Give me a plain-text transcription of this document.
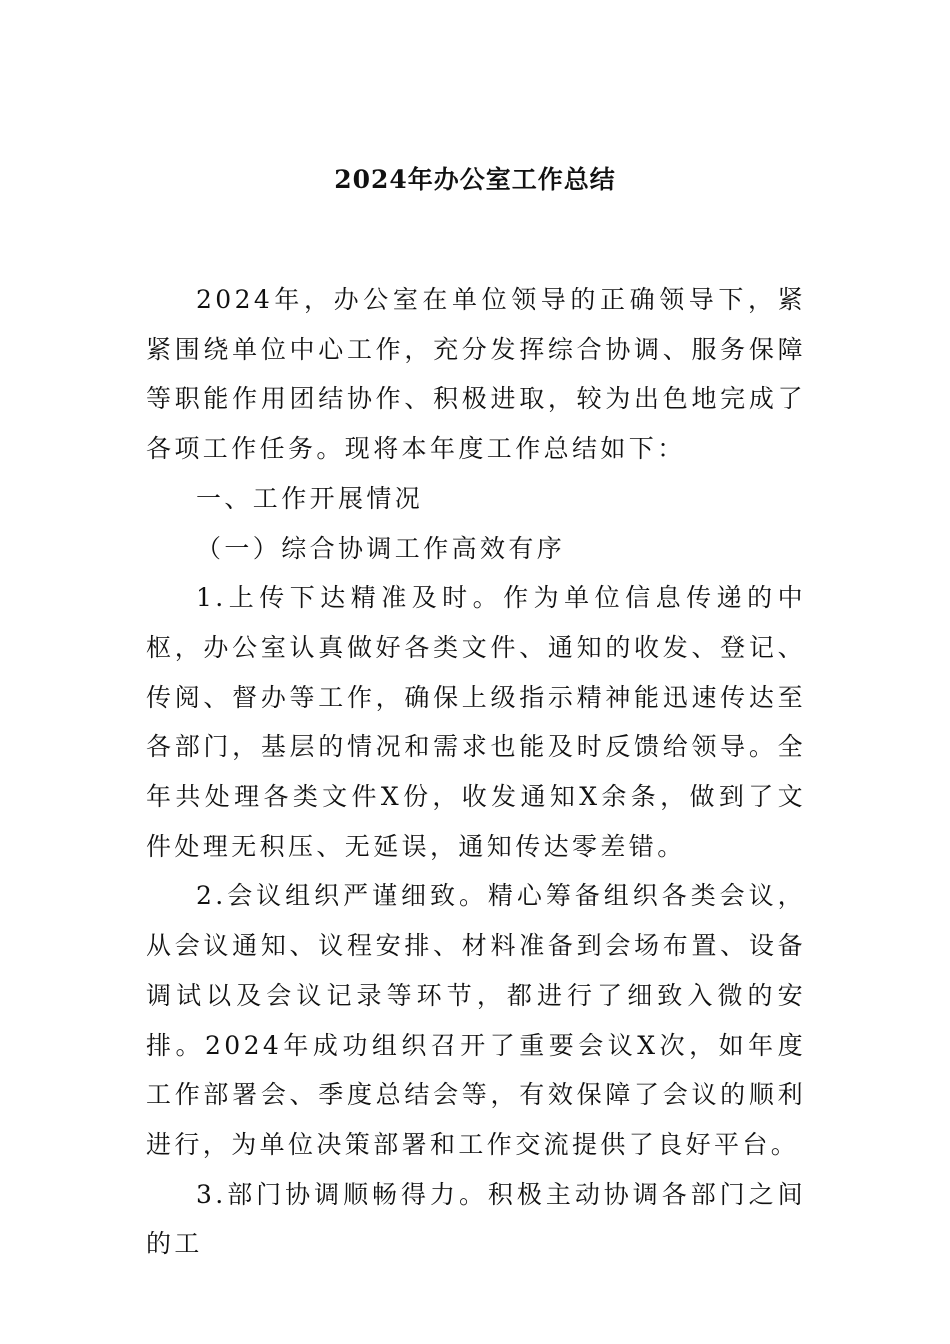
2024年办公室工作总结

2024年，办公室在单位领导的正确领导下，紧紧围绕单位中心工作，充分发挥综合协调、服务保障等职能作用团结协作、积极进取，较为出色地完成了各项工作任务。现将本年度工作总结如下：

一、工作开展情况

（一）综合协调工作高效有序

1.上传下达精准及时。作为单位信息传递的中枢，办公室认真做好各类文件、通知的收发、登记、传阅、督办等工作，确保上级指示精神能迅速传达至各部门，基层的情况和需求也能及时反馈给领导。全年共处理各类文件X份，收发通知X余条，做到了文件处理无积压、无延误，通知传达零差错。

2.会议组织严谨细致。精心筹备组织各类会议，从会议通知、议程安排、材料准备到会场布置、设备调试以及会议记录等环节，都进行了细致入微的安排。2024年成功组织召开了重要会议X次，如年度工作部署会、季度总结会等，有效保障了会议的顺利进行，为单位决策部署和工作交流提供了良好平台。

3.部门协调顺畅得力。积极主动协调各部门之间的工
